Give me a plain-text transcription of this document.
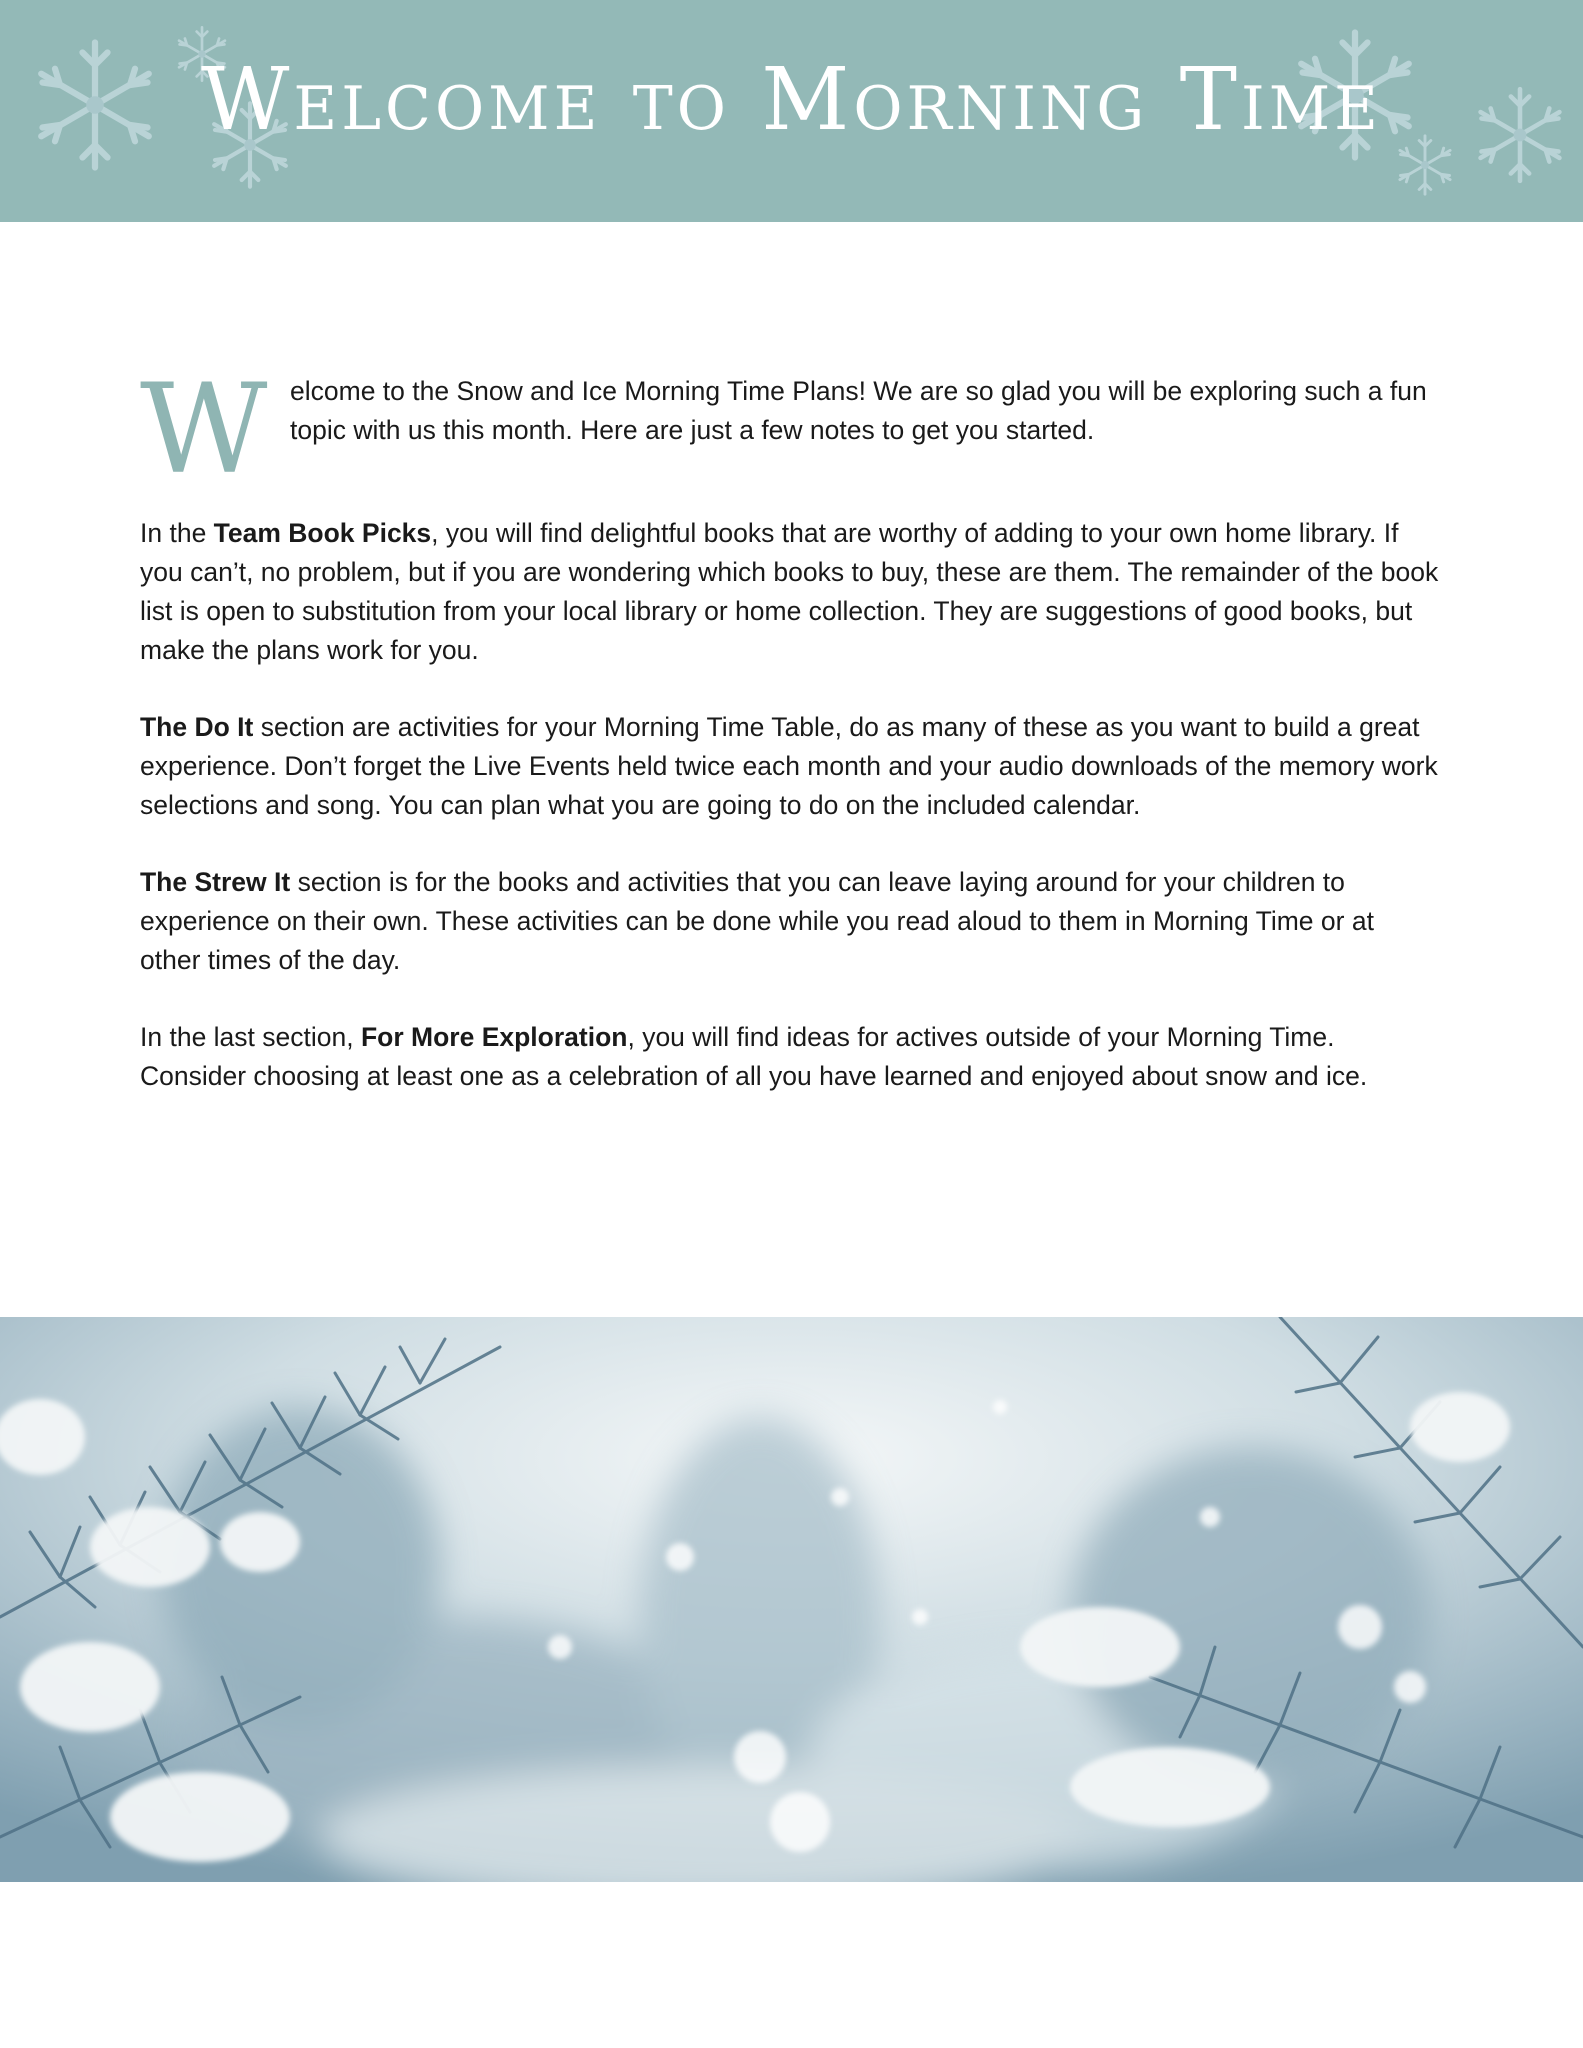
Welcome to Morning Time

W elcome to the Snow and Ice Morning Time Plans! We are so glad you will be exploring such a fun topic with us this month. Here are just a few notes to get you started.

In the Team Book Picks, you will find delightful books that are worthy of adding to your own home library. If you can’t, no problem, but if you are wondering which books to buy, these are them. The remainder of the book list is open to substitution from your local library or home collection. They are suggestions of good books, but make the plans work for you.

The Do It section are activities for your Morning Time Table, do as many of these as you want to build a great experience. Don’t forget the Live Events held twice each month and your audio downloads of the memory work selections and song. You can plan what you are going to do on the included calendar.

The Strew It section is for the books and activities that you can leave laying around for your children to experience on their own. These activities can be done while you read aloud to them in Morning Time or at other times of the day.

In the last section, For More Exploration, you will find ideas for actives outside of your Morning Time. Consider choosing at least one as a celebration of all you have learned and enjoyed about snow and ice.
